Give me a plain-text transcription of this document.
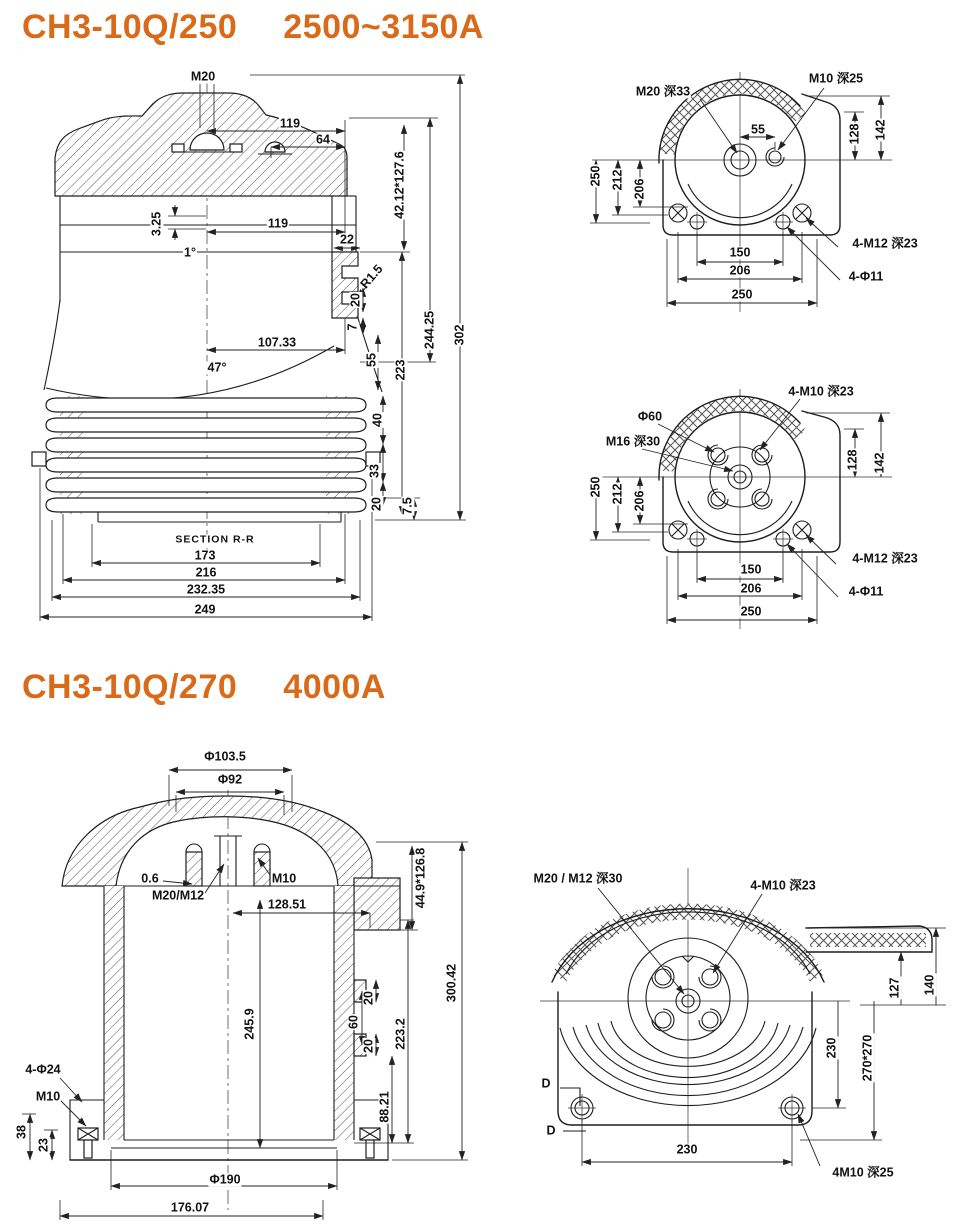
CH3-10Q/250 2500~3150A
CH3-10Q/270 4000A
M20
119
64
3.25	119
22
42.12*127.6
244.25 302
1°
R1.5
20
7
107.33
47°
55 223
40
33
20 7.5
SECTION R-R
173
216
232.35
249
M20 深33
M10 深25
55	128 142
250 212 206
150
206
250
4-M12 深23
4-Φ11
4-M10 深23
Φ60
M16 深30
128 142
250 212 206
150
206
250
4-M12 深23
4-Φ11
Φ103.5
Φ92
0.6
M20/M12
M10
128.51	44.9*126.8
300.42
245.9
20
60
20 223.2
88.21
4-Φ24
M10
38
23
Φ190
176.07
M20 / M12 深30	4-M10 深23
127 140
230 270*270
D
D
230
4M10 深25
